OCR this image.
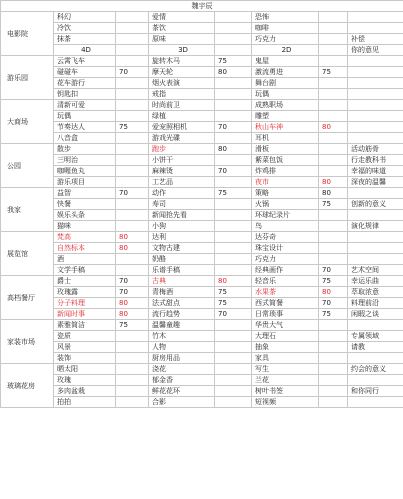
魏宇辰							
电影院	科幻		爱情		恐怖		
	冷饮		茶饮		咖啡		
	抹茶		原味		巧克力		补偿
	4D		3D		2D		你的意见
游乐园	云霄飞车		旋转木马	75	鬼屋		
	碰碰车	70	摩天轮	80	激流勇进	75	
	花车游行		烟火表演		舞台剧		
	钥匙扣		戒指		玩偶		
大商场	清新可爱		时尚前卫		成熟职场		
	玩偶		绿植		雕塑		
	节奏达人	75	爱宠照相机	70	秋山车神	80	
	八音盒		游戏光碟		耳机		
公园	散步		跑步	80	滑板		活动筋骨
	三明治		小饼干		紫菜包饭		行走教科书
	咖喱鱼丸		麻辣烫	70	炸鸡排		幸福的味道
	游乐项目		工艺品		夜市	80	深夜的温馨
我家	益智	70	动作	75	策略	80	
	快餐		寿司		火锅	75	创新的意义
	娱乐头条		新闻抢先看		环球纪录片		
	猫咪		小狗		鸟		演化规律
展览馆	梵高	80	达利		达芬奇		
	自然标本	80	文物古建		珠宝设计		
	酒		奶酪		巧克力		
	文学手稿		乐谱手稿		经典画作	70	艺术空间
高档餐厅	爵士	70	古典	80	轻音乐	75	幸运乐曲
	玫瑰露	70	青梅酒	75	水果茶	80	萃取浓意
	分子料理	80	法式甜点	75	西式简餐	70	料理前沿
	新闻时事	80	流行趋势	70	日常琐事	75	闲暇之谈
家装市场	素雅简洁	75	温馨童趣		华贵大气		
	瓷质		竹木		大理石		专属领域
	风景		人物		抽象		请教
	装饰		厨房用品		家具		
玻璃花房	晒太阳		浇花		写生		约会的意义
	玫瑰		郁金香		兰花		
	多肉盆栽		鲜花花环		树叶书签		和你同行
	拍拍		合影		短视频		
